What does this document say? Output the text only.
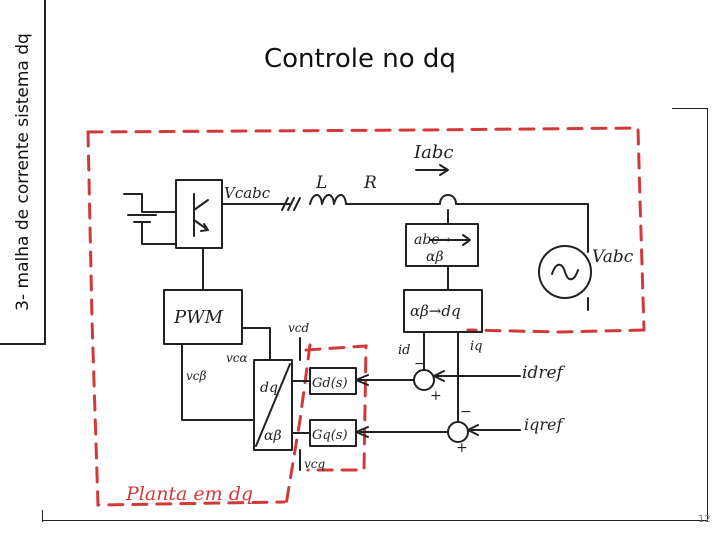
3- malha de corrente sistema dq	Controle no dq
12
Iabc
Vcabc	L R
abc→
αβ
αβ→dq
Vabc
PWM	vcd
vcα
vcβ
dq
αβ
Gd(s)
Gq(s)
id	iq
idref
iqref
vcq
−
+
−
+
Planta em dq
